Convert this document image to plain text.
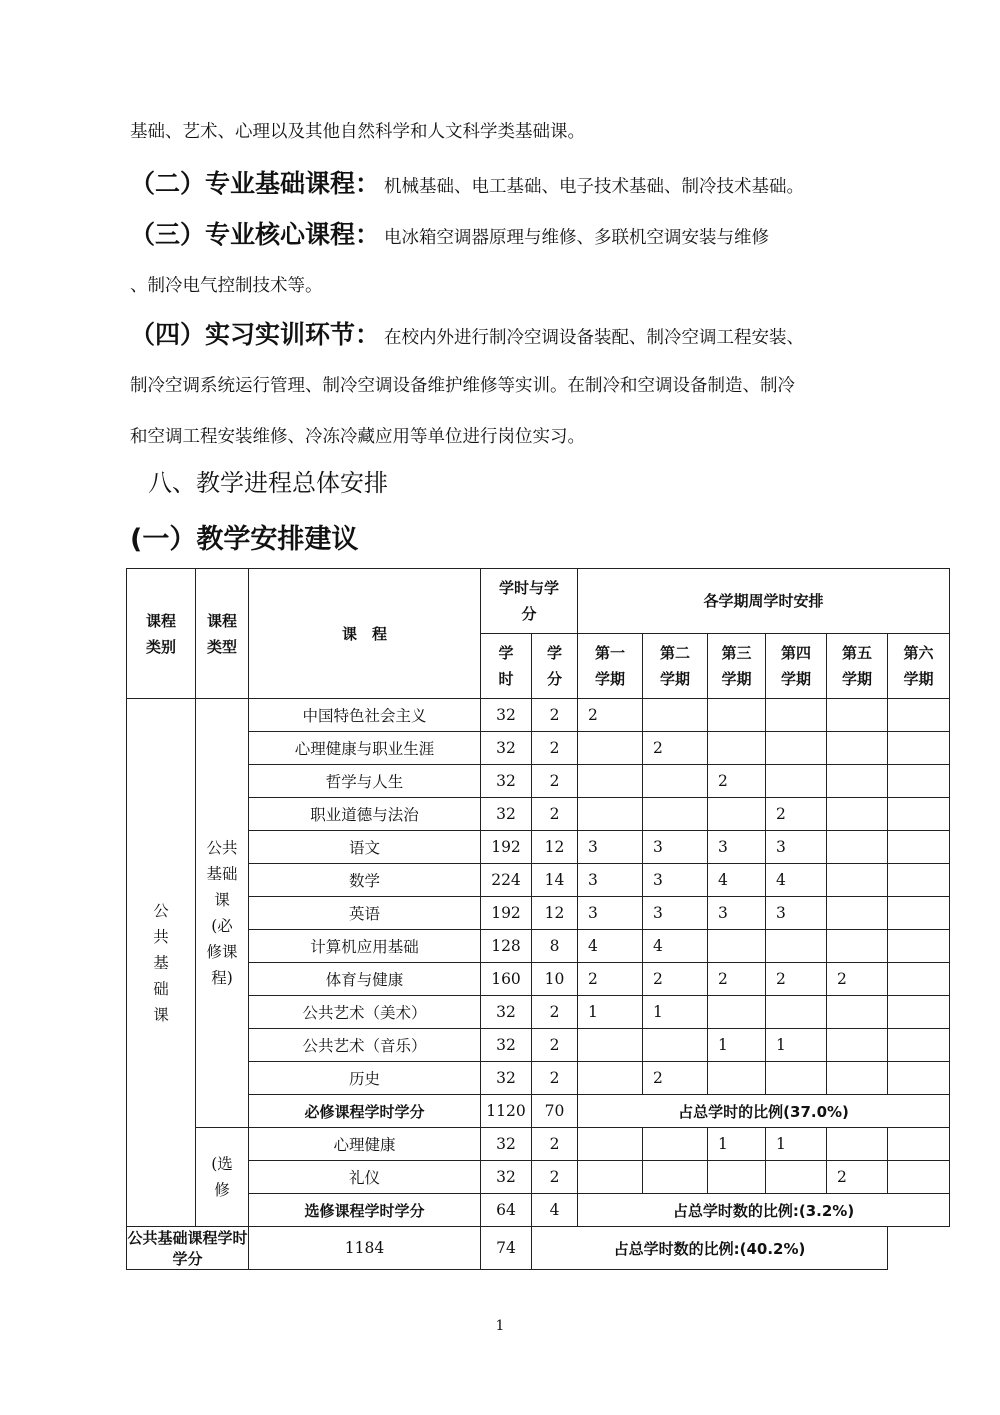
基础、艺术、心理以及其他自然科学和人文科学类基础课。
（二）专业基础课程： 机械基础、电工基础、电子技术基础、制冷技术基础。
（三）专业核心课程： 电冰箱空调器原理与维修、多联机空调安装与维修
、制冷电气控制技术等。
（四）实习实训环节： 在校内外进行制冷空调设备装配、制冷空调工程安装、
制冷空调系统运行管理、制冷空调设备维护维修等实训。在制冷和空调设备制造、制冷
和空调工程安装维修、冷冻冷藏应用等单位进行岗位实习。
八、教学进程总体安排
(一）教学安排建议
课程类别	课程类型	课　程	学时与学分		各学期周学时安排					

			学时	学分	第一学期	第二学期	第三学期	第四学期	第五学期	第六学期

公共基础课	公共基础课(必修课程)	中国特色社会主义	32	2	2					
		心理健康与职业生涯	32	2		2				
		哲学与人生	32	2			2			
		职业道德与法治	32	2				2		
		语文	192	12	3	3	3	3		
		数学	224	14	3	3	4	4		
		英语	192	12	3	3	3	3		
		计算机应用基础	128	8	4	4				
		体育与健康	160	10	2	2	2	2	2	
		公共艺术（美术）	32	2	1	1				
		公共艺术（音乐）	32	2			1	1		
		历史	32	2		2				
		必修课程学时学分	1120	70	占总学时的比例(37.0%)					

	(选修	心理健康	32	2			1	1		
		礼仪	32	2					2	
		选修课程学时学分	64	4	占总学时数的比例:(3.2%)					
公共基础课程学时学分		1184	74	占总学时数的比例:(40.2%)						
1
